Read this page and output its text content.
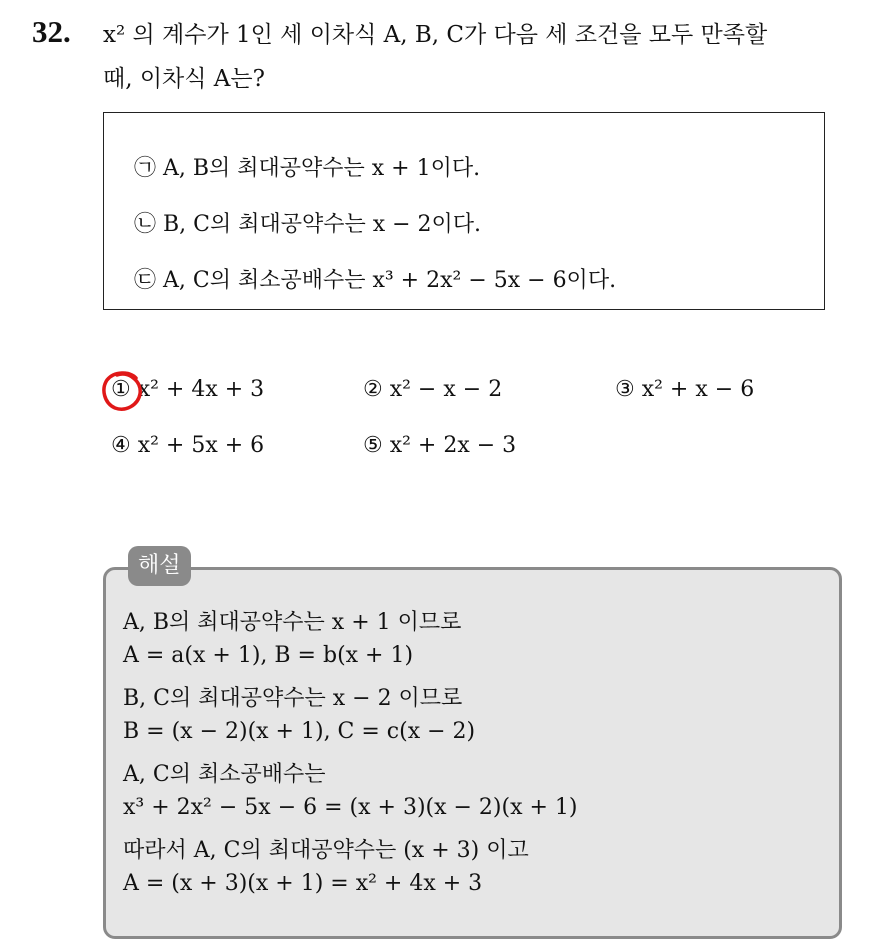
32. x² 의 계수가 1인 세 이차식 A, B, C가 다음 세 조건을 모두 만족할
때, 이차식 A는?
㉠ A, B의 최대공약수는 x + 1이다.
㉡ B, C의 최대공약수는 x − 2이다.
㉢ A, C의 최소공배수는 x³ + 2x² − 5x − 6이다.
① x² + 4x + 3	② x² − x − 2	③ x² + x − 6
④ x² + 5x + 6	⑤ x² + 2x − 3
해설
A, B의 최대공약수는 x + 1 이므로
A = a(x + 1), B = b(x + 1)
B, C의 최대공약수는 x − 2 이므로
B = (x − 2)(x + 1), C = c(x − 2)
A, C의 최소공배수는
x³ + 2x² − 5x − 6 = (x + 3)(x − 2)(x + 1)
따라서 A, C의 최대공약수는 (x + 3) 이고
A = (x + 3)(x + 1) = x² + 4x + 3
